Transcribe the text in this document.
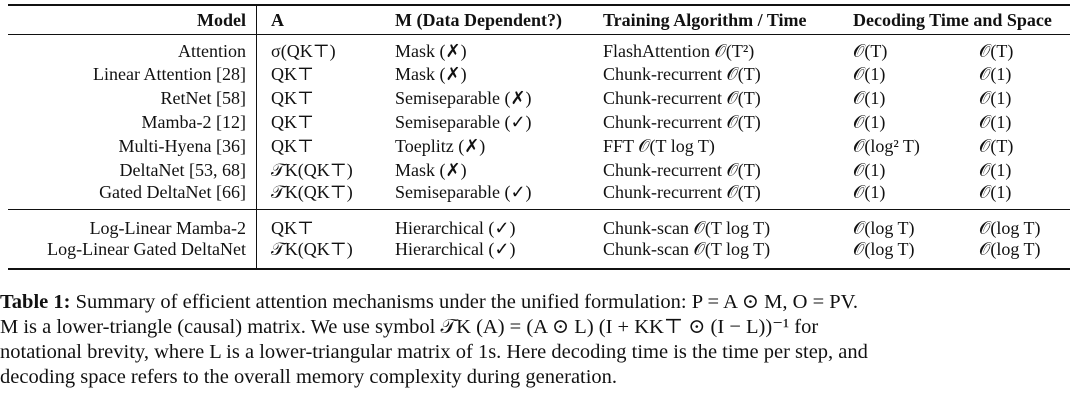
Model	A	M (Data Dependent?)	Training Algorithm / Time	Decoding Time and Space	
Attention	σ(QK⊤)	Mask (✗)	FlashAttention 𝒪(T²)	𝒪(T)	𝒪(T)
Linear Attention [28]	QK⊤	Mask (✗)	Chunk-recurrent 𝒪(T)	𝒪(1)	𝒪(1)
RetNet [58]	QK⊤	Semiseparable (✗)	Chunk-recurrent 𝒪(T)	𝒪(1)	𝒪(1)
Mamba-2 [12]	QK⊤	Semiseparable (✓)	Chunk-recurrent 𝒪(T)	𝒪(1)	𝒪(1)
Multi-Hyena [36]	QK⊤	Toeplitz (✗)	FFT 𝒪(T log T)	𝒪(log² T)	𝒪(T)
DeltaNet [53, 68]	𝒯K(QK⊤)	Mask (✗)	Chunk-recurrent 𝒪(T)	𝒪(1)	𝒪(1)
Gated DeltaNet [66]	𝒯K(QK⊤)	Semiseparable (✓)	Chunk-recurrent 𝒪(T)	𝒪(1)	𝒪(1)
Log-Linear Mamba-2	QK⊤	Hierarchical (✓)	Chunk-scan 𝒪(T log T)	𝒪(log T)	𝒪(log T)
Log-Linear Gated DeltaNet	𝒯K(QK⊤)	Hierarchical (✓)	Chunk-scan 𝒪(T log T)	𝒪(log T)	𝒪(log T)

Table 1: Summary of efficient attention mechanisms under the unified formulation: P = A ⊙ M, O = PV.

M is a lower-triangle (causal) matrix. We use symbol 𝒯K (A) = (A ⊙ L) (I + KK⊤ ⊙ (I − L))⁻¹ for

notational brevity, where L is a lower-triangular matrix of 1s. Here decoding time is the time per step, and

decoding space refers to the overall memory complexity during generation.
